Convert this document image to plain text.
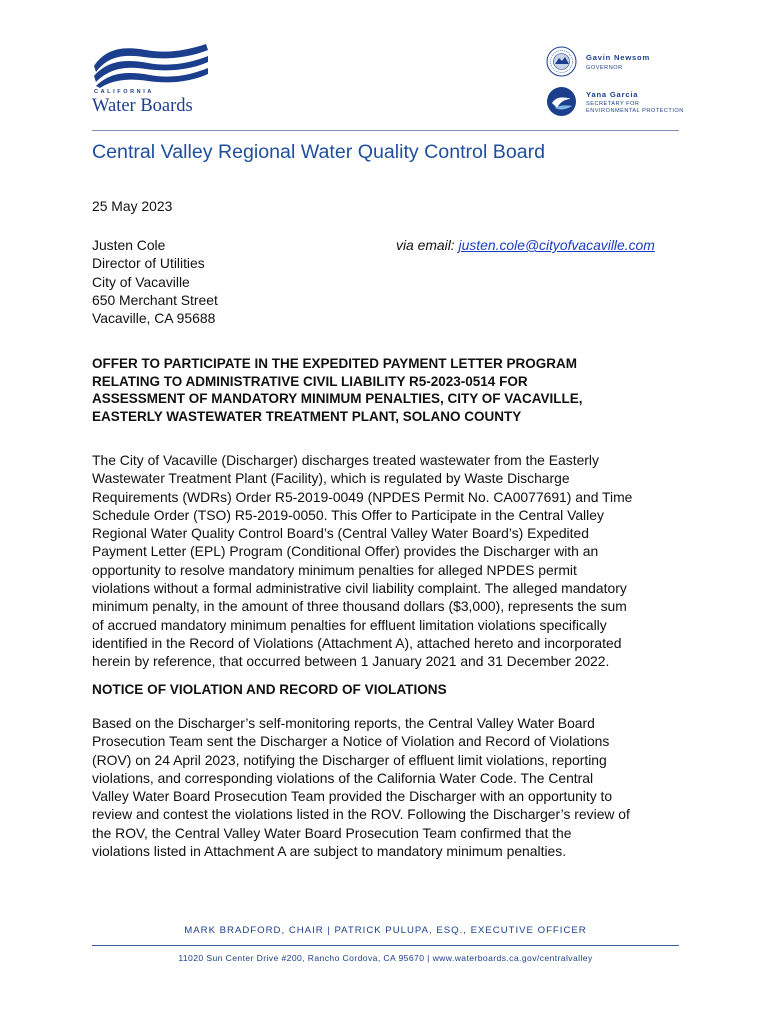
CALIFORNIA
Water Boards
Gavin Newsom
GOVERNOR
Yana Garcia
SECRETARY FOR
ENVIRONMENTAL PROTECTION
Central Valley Regional Water Quality Control Board
25 May 2023
Justen Cole
Director of Utilities
City of Vacaville
650 Merchant Street
Vacaville, CA 95688
via email: justen.cole@cityofvacaville.com
OFFER TO PARTICIPATE IN THE EXPEDITED PAYMENT LETTER PROGRAM
RELATING TO ADMINISTRATIVE CIVIL LIABILITY R5-2023-0514 FOR
ASSESSMENT OF MANDATORY MINIMUM PENALTIES, CITY OF VACAVILLE,
EASTERLY WASTEWATER TREATMENT PLANT, SOLANO COUNTY
The City of Vacaville (Discharger) discharges treated wastewater from the Easterly
Wastewater Treatment Plant (Facility), which is regulated by Waste Discharge
Requirements (WDRs) Order R5-2019-0049 (NPDES Permit No. CA0077691) and Time
Schedule Order (TSO) R5-2019-0050. This Offer to Participate in the Central Valley
Regional Water Quality Control Board’s (Central Valley Water Board’s) Expedited
Payment Letter (EPL) Program (Conditional Offer) provides the Discharger with an
opportunity to resolve mandatory minimum penalties for alleged NPDES permit
violations without a formal administrative civil liability complaint. The alleged mandatory
minimum penalty, in the amount of three thousand dollars ($3,000), represents the sum
of accrued mandatory minimum penalties for effluent limitation violations specifically
identified in the Record of Violations (Attachment A), attached hereto and incorporated
herein by reference, that occurred between 1 January 2021 and 31 December 2022.
NOTICE OF VIOLATION AND RECORD OF VIOLATIONS
Based on the Discharger’s self-monitoring reports, the Central Valley Water Board
Prosecution Team sent the Discharger a Notice of Violation and Record of Violations
(ROV) on 24 April 2023, notifying the Discharger of effluent limit violations, reporting
violations, and corresponding violations of the California Water Code. The Central
Valley Water Board Prosecution Team provided the Discharger with an opportunity to
review and contest the violations listed in the ROV. Following the Discharger’s review of
the ROV, the Central Valley Water Board Prosecution Team confirmed that the
violations listed in Attachment A are subject to mandatory minimum penalties.
MARK BRADFORD, CHAIR | PATRICK PULUPA, ESQ., EXECUTIVE OFFICER
11020 Sun Center Drive #200, Rancho Cordova, CA 95670 | www.waterboards.ca.gov/centralvalley
